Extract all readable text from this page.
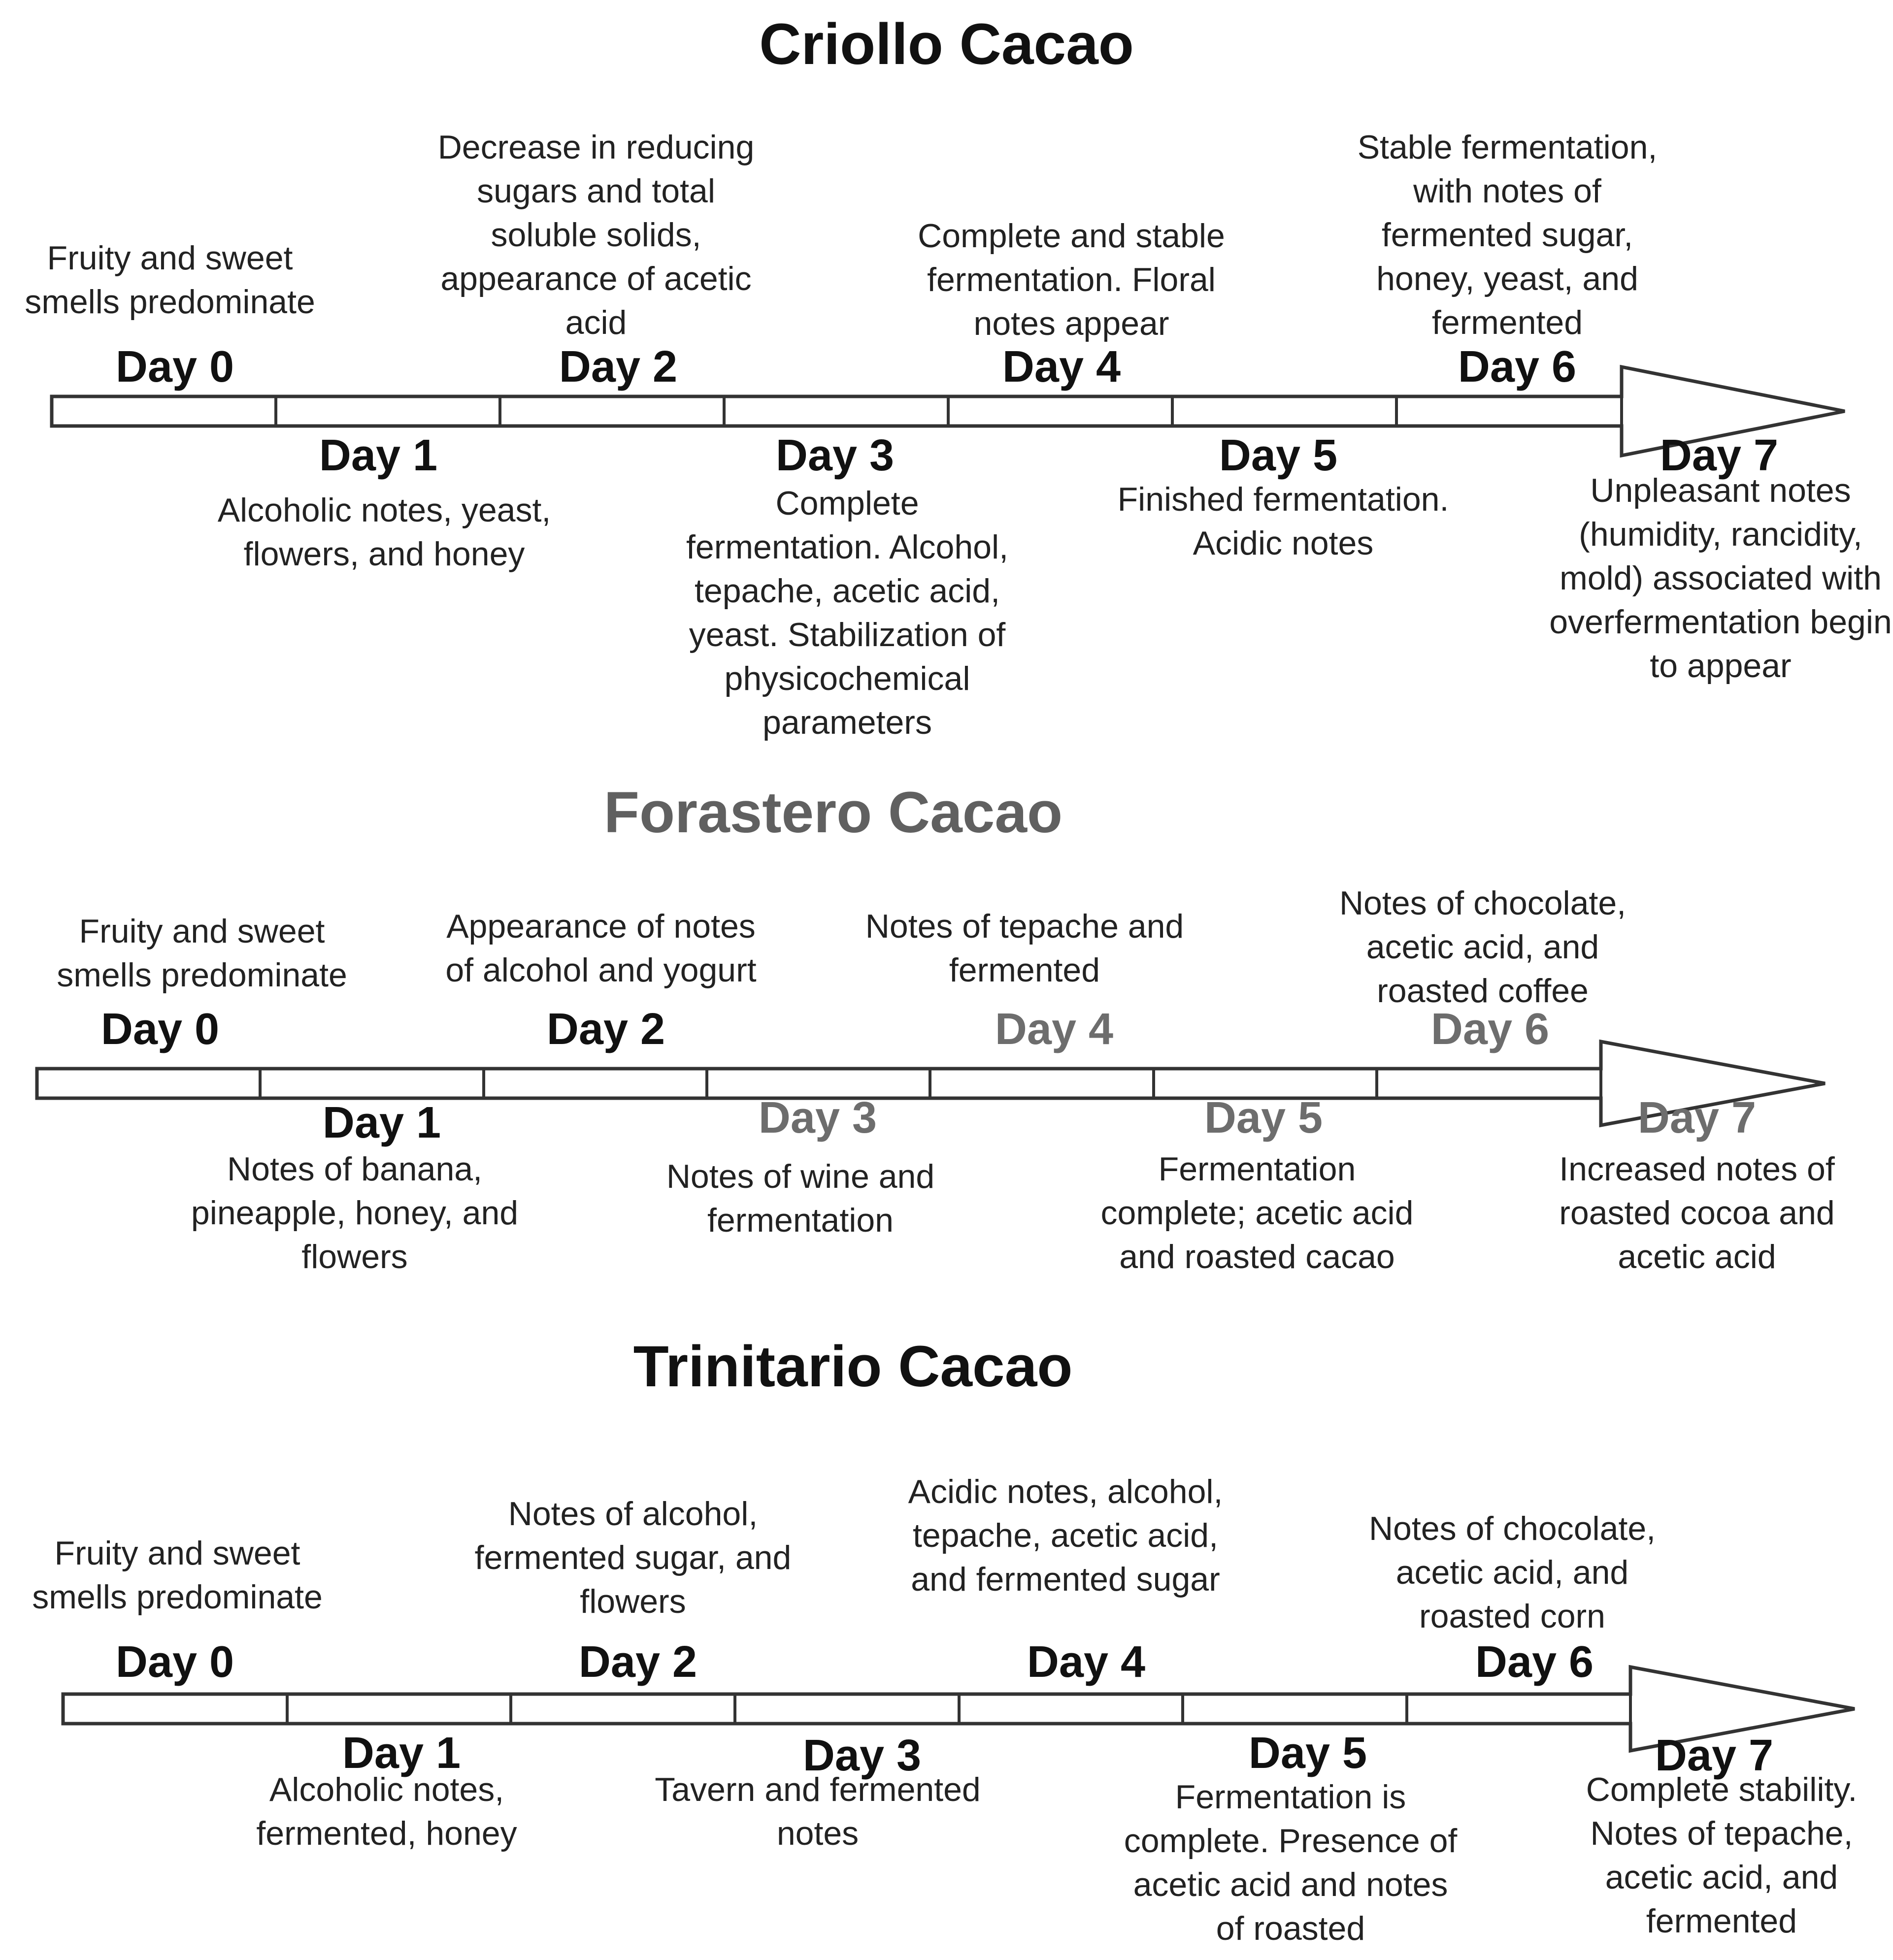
Criollo Cacao
Fruity and sweet smells predominate
Day 0
Decrease in reducing sugars and total soluble solids, appearance of acetic acid
Day 2
Complete and stable fermentation. Floral notes appear
Day 4
Stable fermentation, with notes of fermented sugar, honey, yeast, and fermented
Day 6
Day 1
Alcoholic notes, yeast, flowers, and honey
Day 3
Complete fermentation. Alcohol, tepache, acetic acid, yeast. Stabilization of physicochemical parameters
Day 5
Finished fermentation. Acidic notes
Day 7
Unpleasant notes (humidity, rancidity, mold) associated with overfermentation begin to appear
Forastero Cacao
Fruity and sweet smells predominate
Day 0
Appearance of notes of alcohol and yogurt
Day 2
Notes of tepache and fermented
Day 4
Notes of chocolate, acetic acid, and roasted coffee
Day 6
Day 1
Notes of banana, pineapple, honey, and flowers
Day 3
Notes of wine and fermentation
Day 5
Fermentation complete; acetic acid and roasted cacao
Day 7
Increased notes of roasted cocoa and acetic acid
Trinitario Cacao
Fruity and sweet smells predominate
Day 0
Notes of alcohol, fermented sugar, and flowers
Day 2
Acidic notes, alcohol, tepache, acetic acid, and fermented sugar
Day 4
Notes of chocolate, acetic acid, and roasted corn
Day 6
Day 1
Alcoholic notes, fermented, honey
Day 3
Tavern and fermented notes
Day 5
Fermentation is complete. Presence of acetic acid and notes of roasted
Day 7
Complete stability. Notes of tepache, acetic acid, and fermented
